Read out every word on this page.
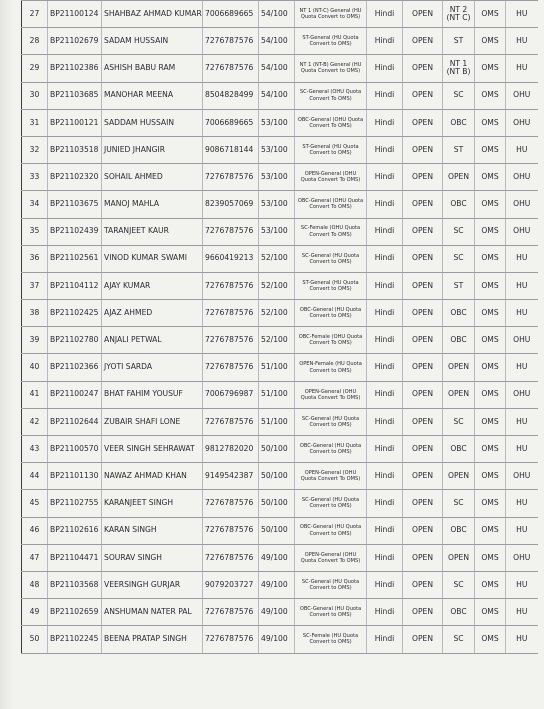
27	BP21100124	SHAHBAZ AHMAD KUMAR	7006689665	54/100	NT 1 (NT-C) General (HU Quota Convert to OMS)	Hindi	OPEN	NT 2 (NT C)	OMS	HU
28	BP21102679	SADAM HUSSAIN	7276787576	54/100	ST-General (HU Quota Convert to OMS)	Hindi	OPEN	ST	OMS	HU
29	BP21102386	ASHISH BABU RAM	7276787576	54/100	NT 1 (NT-B) General (HU Quota Convert to OMS)	Hindi	OPEN	NT 1 (NT B)	OMS	HU
30	BP21103685	MANOHAR MEENA	8504828499	54/100	SC-General (OHU Quota Convert To OMS)	Hindi	OPEN	SC	OMS	OHU
31	BP21100121	SADDAM HUSSAIN	7006689665	53/100	OBC-General (OHU Quota Convert To OMS)	Hindi	OPEN	OBC	OMS	OHU
32	BP21103518	JUNIED JHANGIR	9086718144	53/100	ST-General (HU Quota Convert to OMS)	Hindi	OPEN	ST	OMS	HU
33	BP21102320	SOHAIL AHMED	7276787576	53/100	OPEN-General (OHU Quota Convert To OMS)	Hindi	OPEN	OPEN	OMS	OHU
34	BP21103675	MANOJ MAHLA	8239057069	53/100	OBC-General (OHU Quota Convert To OMS)	Hindi	OPEN	OBC	OMS	OHU
35	BP21102439	TARANJEET KAUR	7276787576	53/100	SC-Female (OHU Quota Convert To OMS)	Hindi	OPEN	SC	OMS	OHU
36	BP21102561	VINOD KUMAR SWAMI	9660419213	52/100	SC-General (HU Quota Convert to OMS)	Hindi	OPEN	SC	OMS	HU
37	BP21104112	AJAY KUMAR	7276787576	52/100	ST-General (HU Quota Convert to OMS)	Hindi	OPEN	ST	OMS	HU
38	BP21102425	AJAZ AHMED	7276787576	52/100	OBC-General (HU Quota Convert to OMS)	Hindi	OPEN	OBC	OMS	HU
39	BP21102780	ANJALI PETWAL	7276787576	52/100	OBC-Female (OHU Quota Convert To OMS)	Hindi	OPEN	OBC	OMS	OHU
40	BP21102366	JYOTI SARDA	7276787576	51/100	OPEN-Female (HU Quota Convert to OMS)	Hindi	OPEN	OPEN	OMS	HU
41	BP21100247	BHAT FAHIM YOUSUF	7006796987	51/100	OPEN-General (OHU Quota Convert To OMS)	Hindi	OPEN	OPEN	OMS	OHU
42	BP21102644	ZUBAIR SHAFI LONE	7276787576	51/100	SC-General (HU Quota Convert to OMS)	Hindi	OPEN	SC	OMS	HU
43	BP21100570	VEER SINGH SEHRAWAT	9812782020	50/100	OBC-General (HU Quota Convert to OMS)	Hindi	OPEN	OBC	OMS	HU
44	BP21101130	NAWAZ AHMAD KHAN	9149542387	50/100	OPEN-General (OHU Quota Convert To OMS)	Hindi	OPEN	OPEN	OMS	OHU
45	BP21102755	KARANJEET SINGH	7276787576	50/100	SC-General (HU Quota Convert to OMS)	Hindi	OPEN	SC	OMS	HU
46	BP21102616	KARAN SINGH	7276787576	50/100	OBC-General (HU Quota Convert to OMS)	Hindi	OPEN	OBC	OMS	HU
47	BP21104471	SOURAV SINGH	7276787576	49/100	OPEN-General (OHU Quota Convert To OMS)	Hindi	OPEN	OPEN	OMS	OHU
48	BP21103568	VEERSINGH GURJAR	9079203727	49/100	SC-General (HU Quota Convert to OMS)	Hindi	OPEN	SC	OMS	HU
49	BP21102659	ANSHUMAN NATER PAL	7276787576	49/100	OBC-General (HU Quota Convert to OMS)	Hindi	OPEN	OBC	OMS	HU
50	BP21102245	BEENA PRATAP SINGH	7276787576	49/100	SC-Female (HU Quota Convert to OMS)	Hindi	OPEN	SC	OMS	HU
